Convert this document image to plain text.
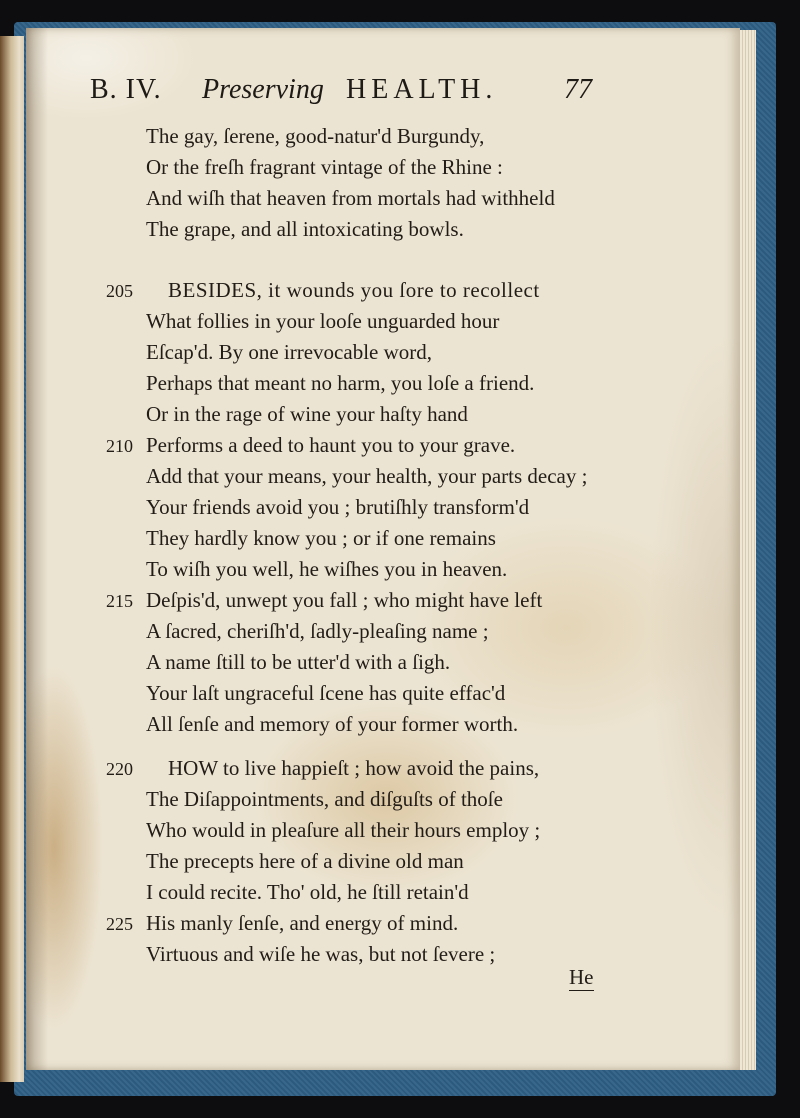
B. IV. Preserving HEALTH. 77
The gay, ſerene, good-natur'd Burgundy,
Or the freſh fragrant vintage of the Rhine :
And wiſh that heaven from mortals had withheld
The grape, and all intoxicating bowls.
205 BESIDES, it wounds you ſore to recollect
What follies in your looſe unguarded hour
Eſcap'd. By one irrevocable word,
Perhaps that meant no harm, you loſe a friend.
Or in the rage of wine your haſty hand
210 Performs a deed to haunt you to your grave.
Add that your means, your health, your parts decay ;
Your friends avoid you ; brutiſhly transform'd
They hardly know you ; or if one remains
To wiſh you well, he wiſhes you in heaven.
215 Deſpis'd, unwept you fall ; who might have left
A ſacred, cheriſh'd, ſadly-pleaſing name ;
A name ſtill to be utter'd with a ſigh.
Your laſt ungraceful ſcene has quite effac'd
All ſenſe and memory of your former worth.
220 HOW to live happieſt ; how avoid the pains,
The Diſappointments, and diſguſts of thoſe
Who would in pleaſure all their hours employ ;
The precepts here of a divine old man
I could recite. Tho' old, he ſtill retain'd
225 His manly ſenſe, and energy of mind.
Virtuous and wiſe he was, but not ſevere ;
He
